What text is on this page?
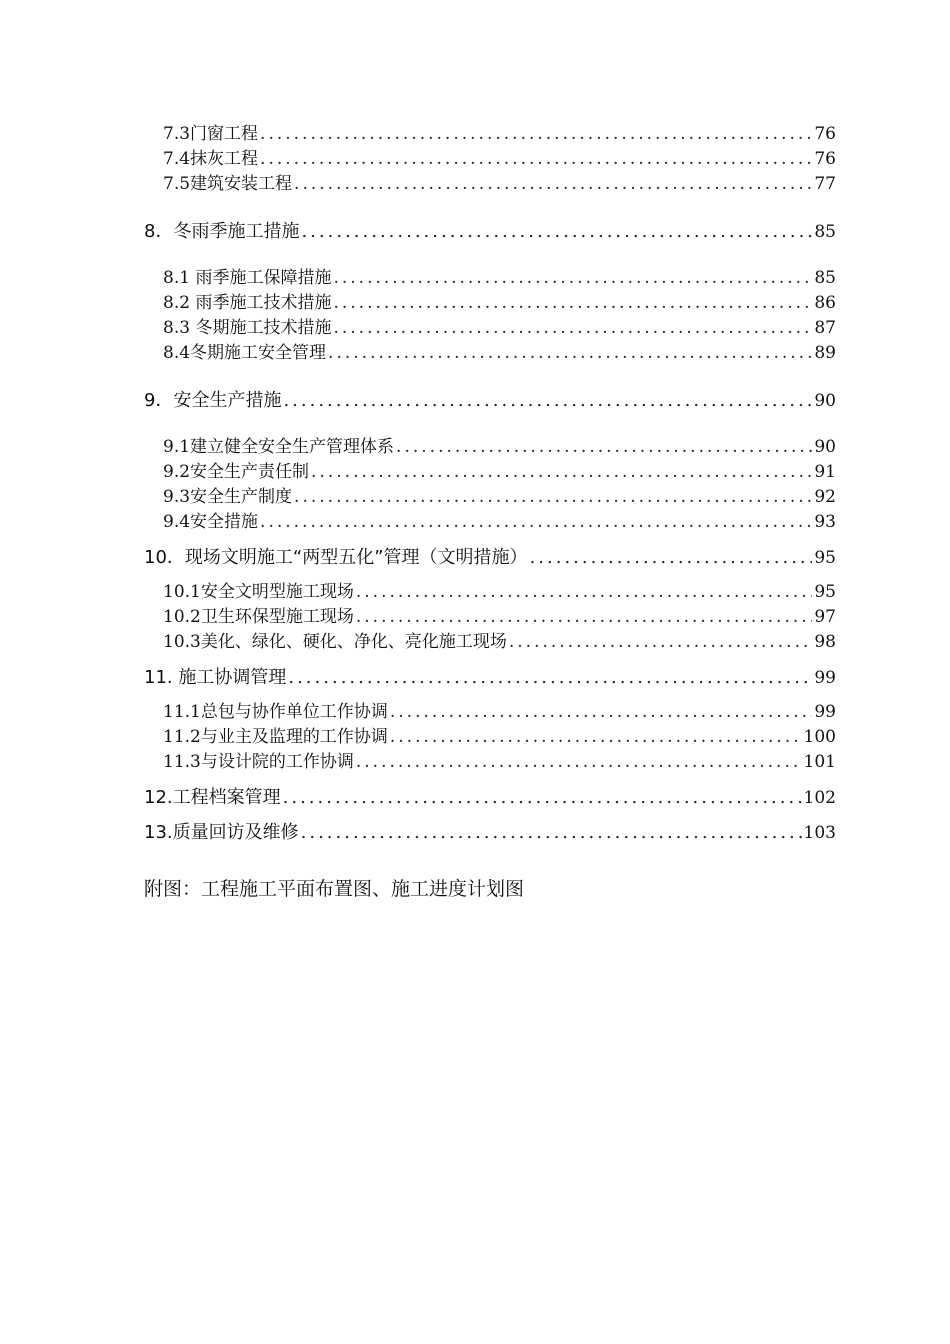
7.3门窗工程 .....	76
7.4抹灰工程 .....	76
7.5建筑安装工程 .....	77
8．冬雨季施工措施 .....	85
8.1 雨季施工保障措施 .....	85
8.2 雨季施工技术措施 .....	86
8.3 冬期施工技术措施 .....	87
8.4冬期施工安全管理 .....	89
9．安全生产措施 .....	90
9.1建立健全安全生产管理体系 .....	90
9.2安全生产责任制 .....	91
9.3安全生产制度 .....	92
9.4安全措施 .....	93
10．现场文明施工“两型五化”管理（文明措施） .....	95
10.1安全文明型施工现场 .....	95
10.2卫生环保型施工现场 .....	97
10.3美化、绿化、硬化、净化、亮化施工现场 .....	98
11. 施工协调管理 .....	99
11.1总包与协作单位工作协调 .....	99
11.2与业主及监理的工作协调 .....	100
11.3与设计院的工作协调 .....	101
12.工程档案管理 .....	102
13.质量回访及维修 .....	103
附图：工程施工平面布置图、施工进度计划图
